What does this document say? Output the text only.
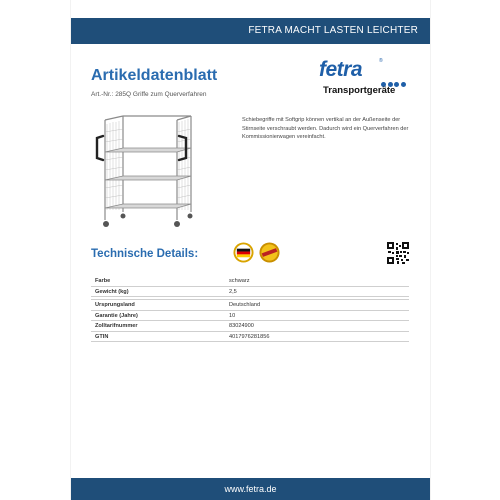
FETRA MACHT LASTEN LEICHTER
Artikeldatenblatt
Art.-Nr.: 285Q Griffe zum Querverfahren
fetra	®
Transportgeräte
Schiebegriffe mit Softgrip können vertikal an der Außenseite der Stirnseite verschraubt werden. Dadurch wird ein Querverfahren der Kommissionierwagen vereinfacht.
Technische Details:
Farbe	schwarz
Gewicht (kg)	2,5
Ursprungsland	Deutschland
Garantie (Jahre)	10
Zolltarifnummer	83024900
GTIN	4017976281856
www.fetra.de
